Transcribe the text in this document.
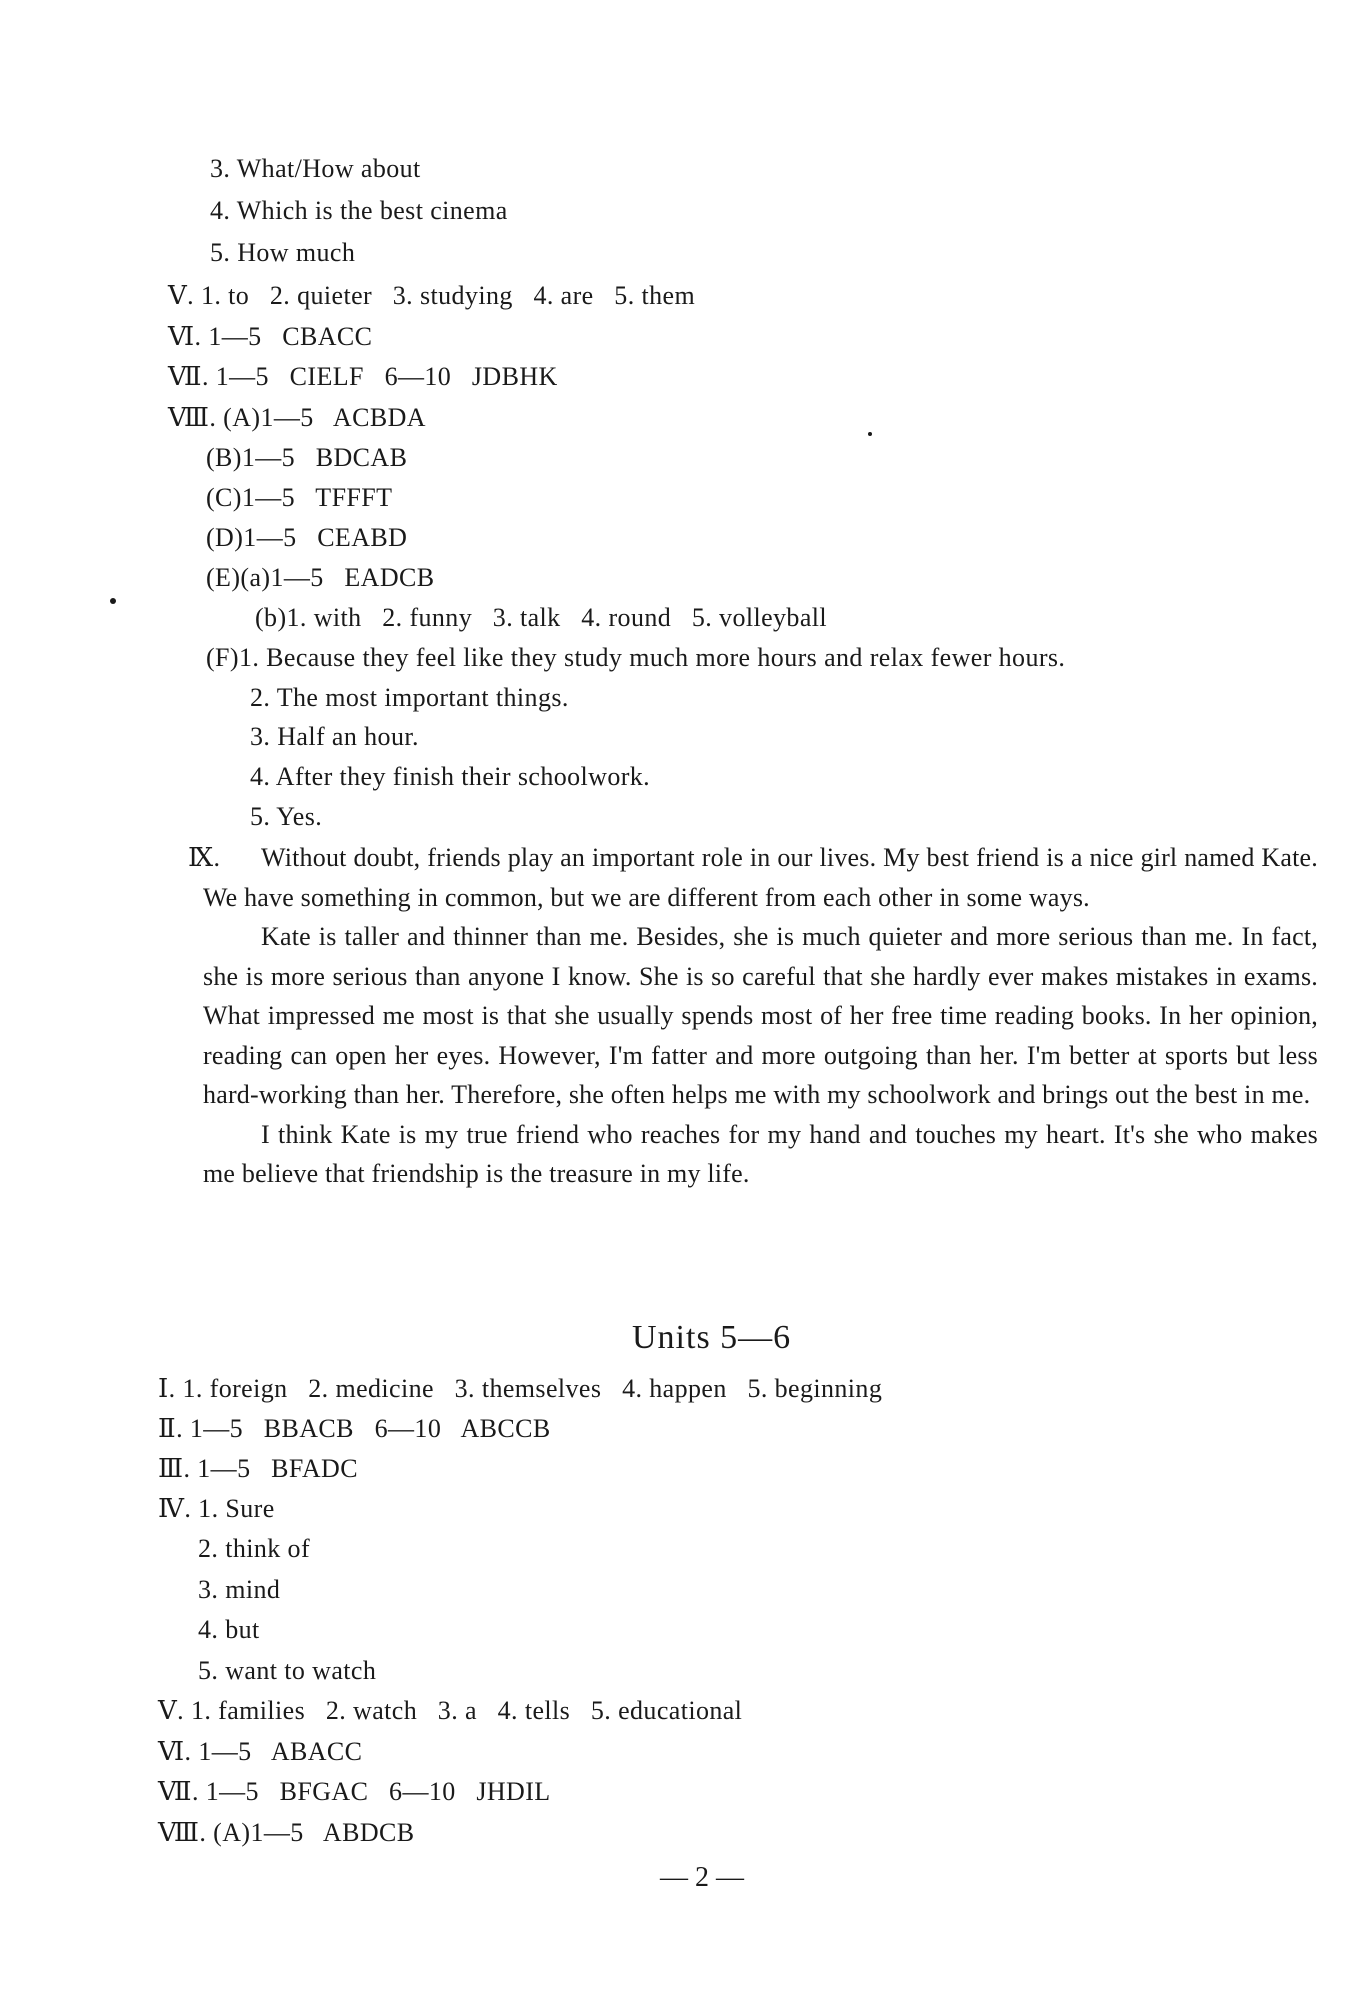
3. What/How about
4. Which is the best cinema
5. How much
Ⅴ. 1. to   2. quieter   3. studying   4. are   5. them
Ⅵ. 1—5   CBACC
Ⅶ. 1—5   CIELF   6—10   JDBHK
Ⅷ. (A)1—5   ACBDA
(B)1—5   BDCAB
(C)1—5   TFFFT
(D)1—5   CEABD
(E)(a)1—5   EADCB
(b)1. with   2. funny   3. talk   4. round   5. volleyball
(F)1. Because they feel like they study much more hours and relax fewer hours.
2. The most important things.
3. Half an hour.
4. After they finish their schoolwork.
5. Yes.
Ⅸ.	Without doubt, friends play an important role in our lives. My best friend is a nice girl named Kate. We have something in common, but we are different from each other in some ways.

Kate is taller and thinner than me. Besides, she is much quieter and more serious than me. In fact, she is more serious than anyone I know. She is so careful that she hardly ever makes mistakes in exams. What impressed me most is that she usually spends most of her free time reading books. In her opinion, reading can open her eyes. However, I'm fatter and more outgoing than her. I'm better at sports but less hard-working than her. Therefore, she often helps me with my schoolwork and brings out the best in me.

I think Kate is my true friend who reaches for my hand and touches my heart. It's she who makes me believe that friendship is the treasure in my life.

Units 5—6
Ⅰ. 1. foreign   2. medicine   3. themselves   4. happen   5. beginning
Ⅱ. 1—5   BBACB   6—10   ABCCB
Ⅲ. 1—5   BFADC
Ⅳ. 1. Sure
2. think of
3. mind
4. but
5. want to watch
Ⅴ. 1. families   2. watch   3. a   4. tells   5. educational
Ⅵ. 1—5   ABACC
Ⅶ. 1—5   BFGAC   6—10   JHDIL
Ⅷ. (A)1—5   ABDCB
— 2 —
